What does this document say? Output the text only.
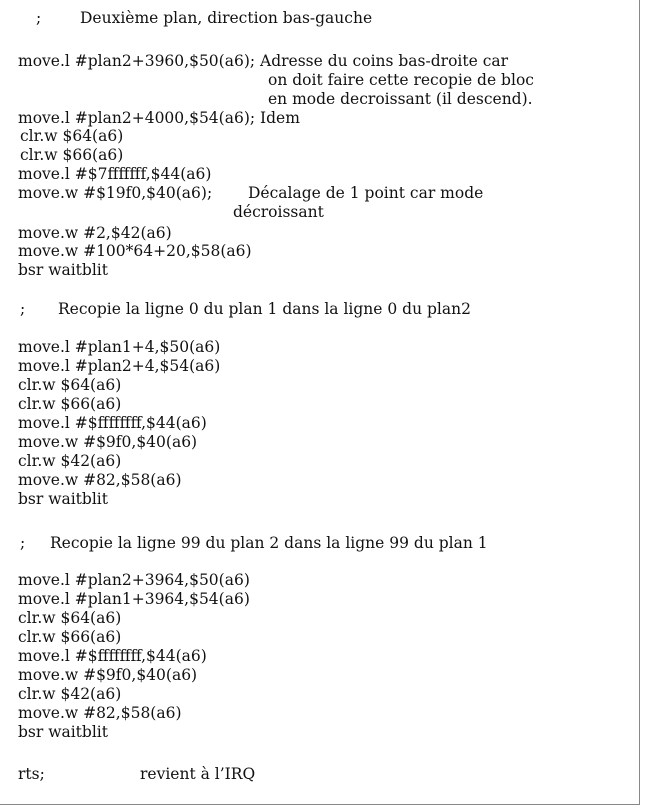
;	Deuxième plan, direction bas-gauche
move.l #plan2+3960,$50(a6); Adresse du coins bas-droite car
on doit faire cette recopie de bloc
en mode decroissant (il descend).
move.l #plan2+4000,$54(a6); Idem
clr.w $64(a6)
clr.w $66(a6)
move.l #$7fffffff,$44(a6)
move.w #$19f0,$40(a6); Décalage de 1 point car mode
décroissant
move.w #2,$42(a6)
move.w #100*64+20,$58(a6)
bsr waitblit
; Recopie la ligne 0 du plan 1 dans la ligne 0 du plan2
move.l #plan1+4,$50(a6)
move.l #plan2+4,$54(a6)
clr.w $64(a6)
clr.w $66(a6)
move.l #$ffffffff,$44(a6)
move.w #$9f0,$40(a6)
clr.w $42(a6)
move.w #82,$58(a6)
bsr waitblit
; Recopie la ligne 99 du plan 2 dans la ligne 99 du plan 1
move.l #plan2+3964,$50(a6)
move.l #plan1+3964,$54(a6)
clr.w $64(a6)
clr.w $66(a6)
move.l #$ffffffff,$44(a6)
move.w #$9f0,$40(a6)
clr.w $42(a6)
move.w #82,$58(a6)
bsr waitblit
rts;	revient à l’IRQ
